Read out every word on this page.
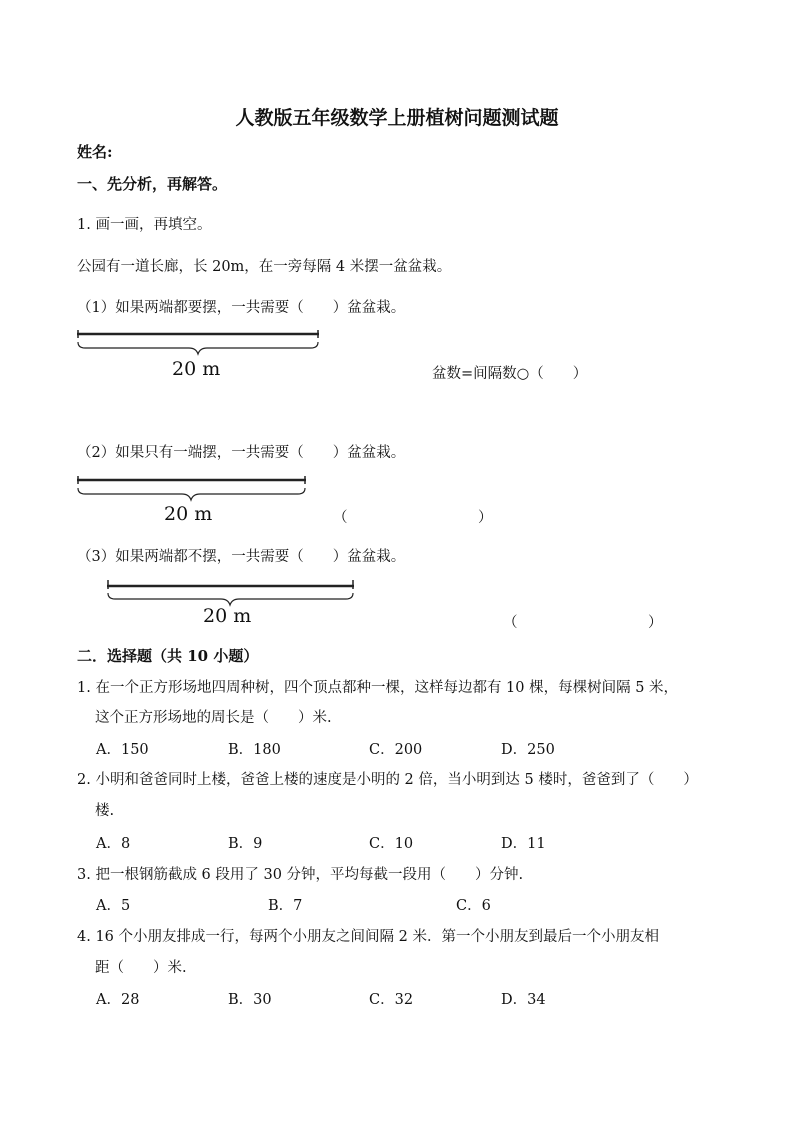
人教版五年级数学上册植树问题测试题
姓名:
一、先分析，再解答。
1. 画一画，再填空。
公园有一道长廊，长 20m，在一旁每隔 4 米摆一盆盆栽。
（1）如果两端都要摆，一共需要（　　）盆盆栽。
20 m	盆数=间隔数○（　　）
（2）如果只有一端摆，一共需要（　　）盆盆栽。
20 m	（　　　　　　　　　）
（3）如果两端都不摆，一共需要（　　）盆盆栽。
20 m	（　　　　　　　　　）
二．选择题（共 10 小题）
1. 在一个正方形场地四周种树，四个顶点都种一棵，这样每边都有 10 棵，每棵树间隔 5 米，
这个正方形场地的周长是（　　）米.
A．150	B．180	C．200	D．250
2. 小明和爸爸同时上楼，爸爸上楼的速度是小明的 2 倍，当小明到达 5 楼时，爸爸到了（　　）
楼.
A．8	B．9	C．10	D．11
3. 把一根钢筋截成 6 段用了 30 分钟，平均每截一段用（　　）分钟.
A．5	B．7	C．6
4. 16 个小朋友排成一行，每两个小朋友之间间隔 2 米．第一个小朋友到最后一个小朋友相
距（　　）米.
A．28	B．30	C．32	D．34
